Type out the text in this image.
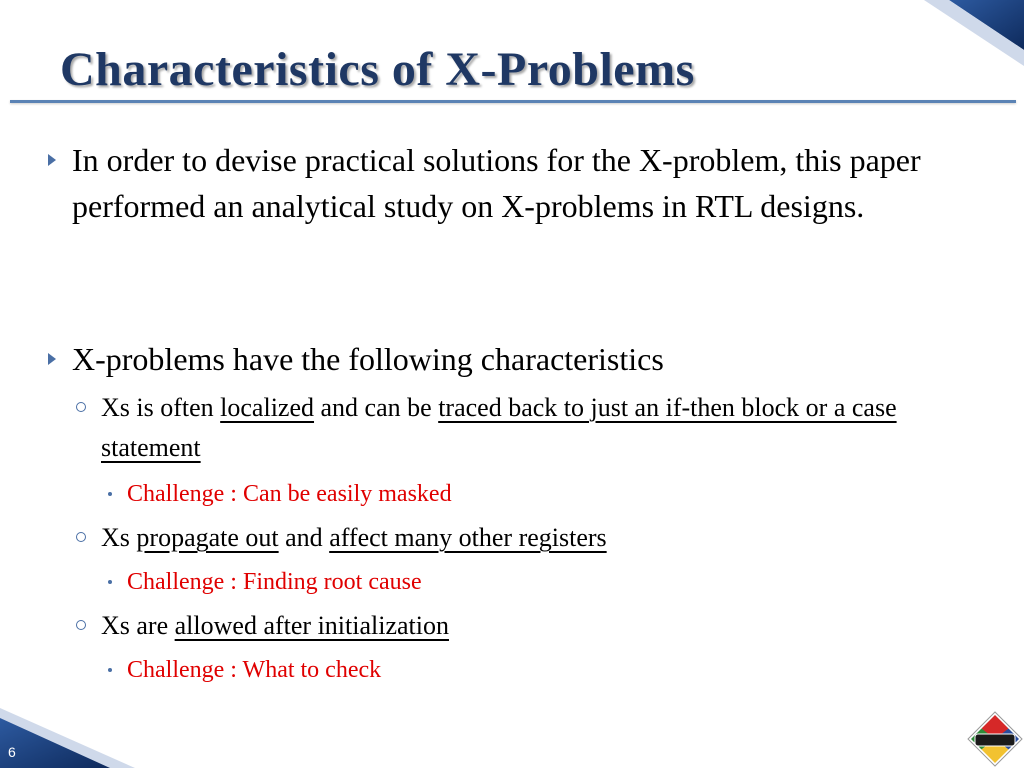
Characteristics of X-Problems
In order to devise practical solutions for the X-problem, this paper performed an analytical study on X-problems in RTL designs.
X-problems have the following characteristics
Xs is often localized and can be traced back to just an if-then block or a case statement
Challenge : Can be easily masked
Xs propagate out and affect many other registers
Challenge : Finding root cause
Xs are allowed after initialization
Challenge : What to check
6
